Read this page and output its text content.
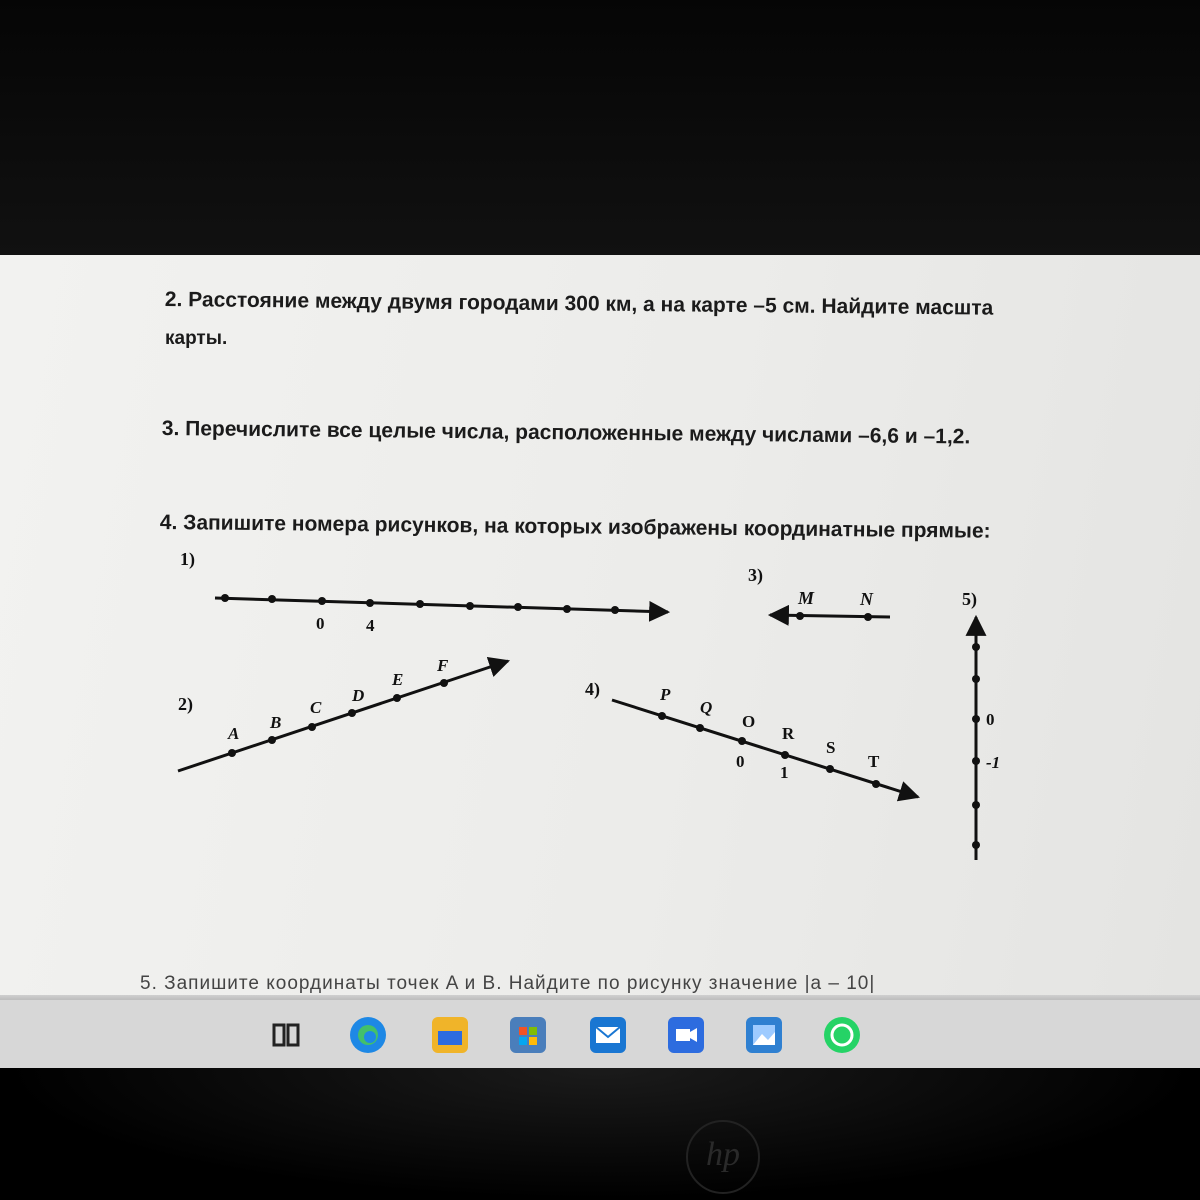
2. Расстояние между двумя городами 300 км, а на карте –5 см. Найдите масшта
карты.
3. Перечислите все целые числа, расположенные между числами –6,6 и –1,2.
4. Запишите номера рисунков, на которых изображены координатные прямые:
5. Запишите координаты точек A и B. Найдите по рисунку значение |a – 10|
1)
0 4
2)
A
B
C
D
E
F
3)
M	N
4)	P
Q
O
R
S
T
0
1
5)
0
-1
hp
